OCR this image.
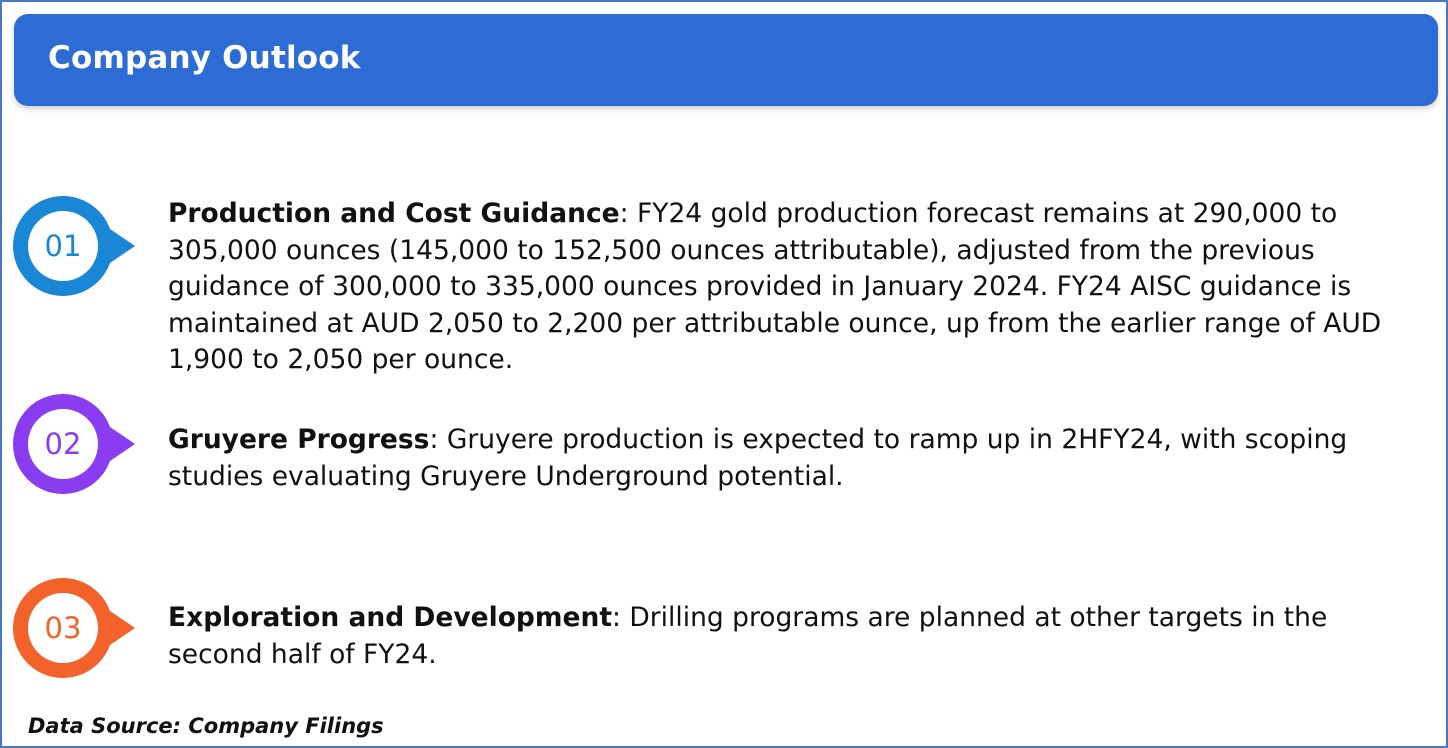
Company Outlook
01
Production and Cost Guidance: FY24 gold production forecast remains at 290,000 to 305,000 ounces (145,000 to 152,500 ounces attributable), adjusted from the previous guidance of 300,000 to 335,000 ounces provided in January 2024. FY24 AISC guidance is maintained at AUD 2,050 to 2,200 per attributable ounce, up from the earlier range of AUD 1,900 to 2,050 per ounce.
02	Gruyere Progress: Gruyere production is expected to ramp up in 2HFY24, with scoping studies evaluating Gruyere Underground potential.
03	Exploration and Development: Drilling programs are planned at other targets in the second half of FY24.
Data Source: Company Filings
